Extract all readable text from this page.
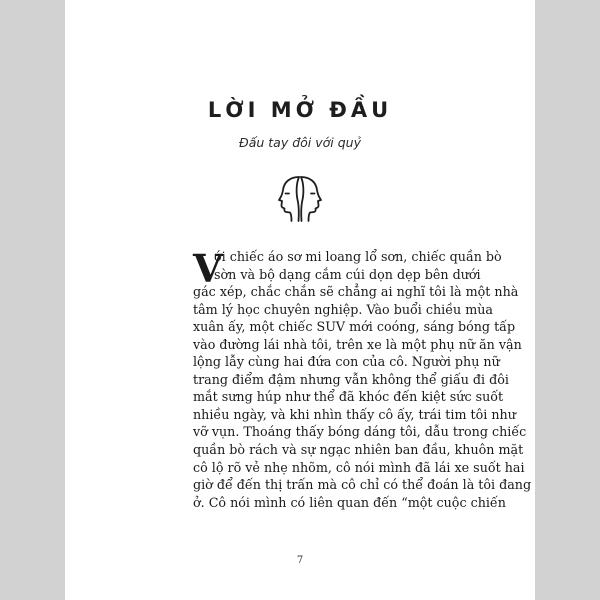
LỜI MỞ ĐẦU
Đấu tay đôi với quỷ
V

ới chiếc áo sơ mi loang lổ sơn, chiếc quần bò
sờn và bộ dạng cắm cúi dọn dẹp bên dưới
gác xép, chắc chắn sẽ chẳng ai nghĩ tôi là một nhà
tâm lý học chuyên nghiệp. Vào buổi chiều mùa
xuân ấy, một chiếc SUV mới coóng, sáng bóng tấp
vào đường lái nhà tôi, trên xe là một phụ nữ ăn vận
lộng lẫy cùng hai đứa con của cô. Người phụ nữ
trang điểm đậm nhưng vẫn không thể giấu đi đôi
mắt sưng húp như thể đã khóc đến kiệt sức suốt
nhiều ngày, và khi nhìn thấy cô ấy, trái tim tôi như
vỡ vụn. Thoáng thấy bóng dáng tôi, dẫu trong chiếc
quần bò rách và sự ngạc nhiên ban đầu, khuôn mặt
cô lộ rõ vẻ nhẹ nhõm, cô nói mình đã lái xe suốt hai
giờ để đến thị trấn mà cô chỉ có thể đoán là tôi đang
ở. Cô nói mình có liên quan đến “một cuộc chiến

7
